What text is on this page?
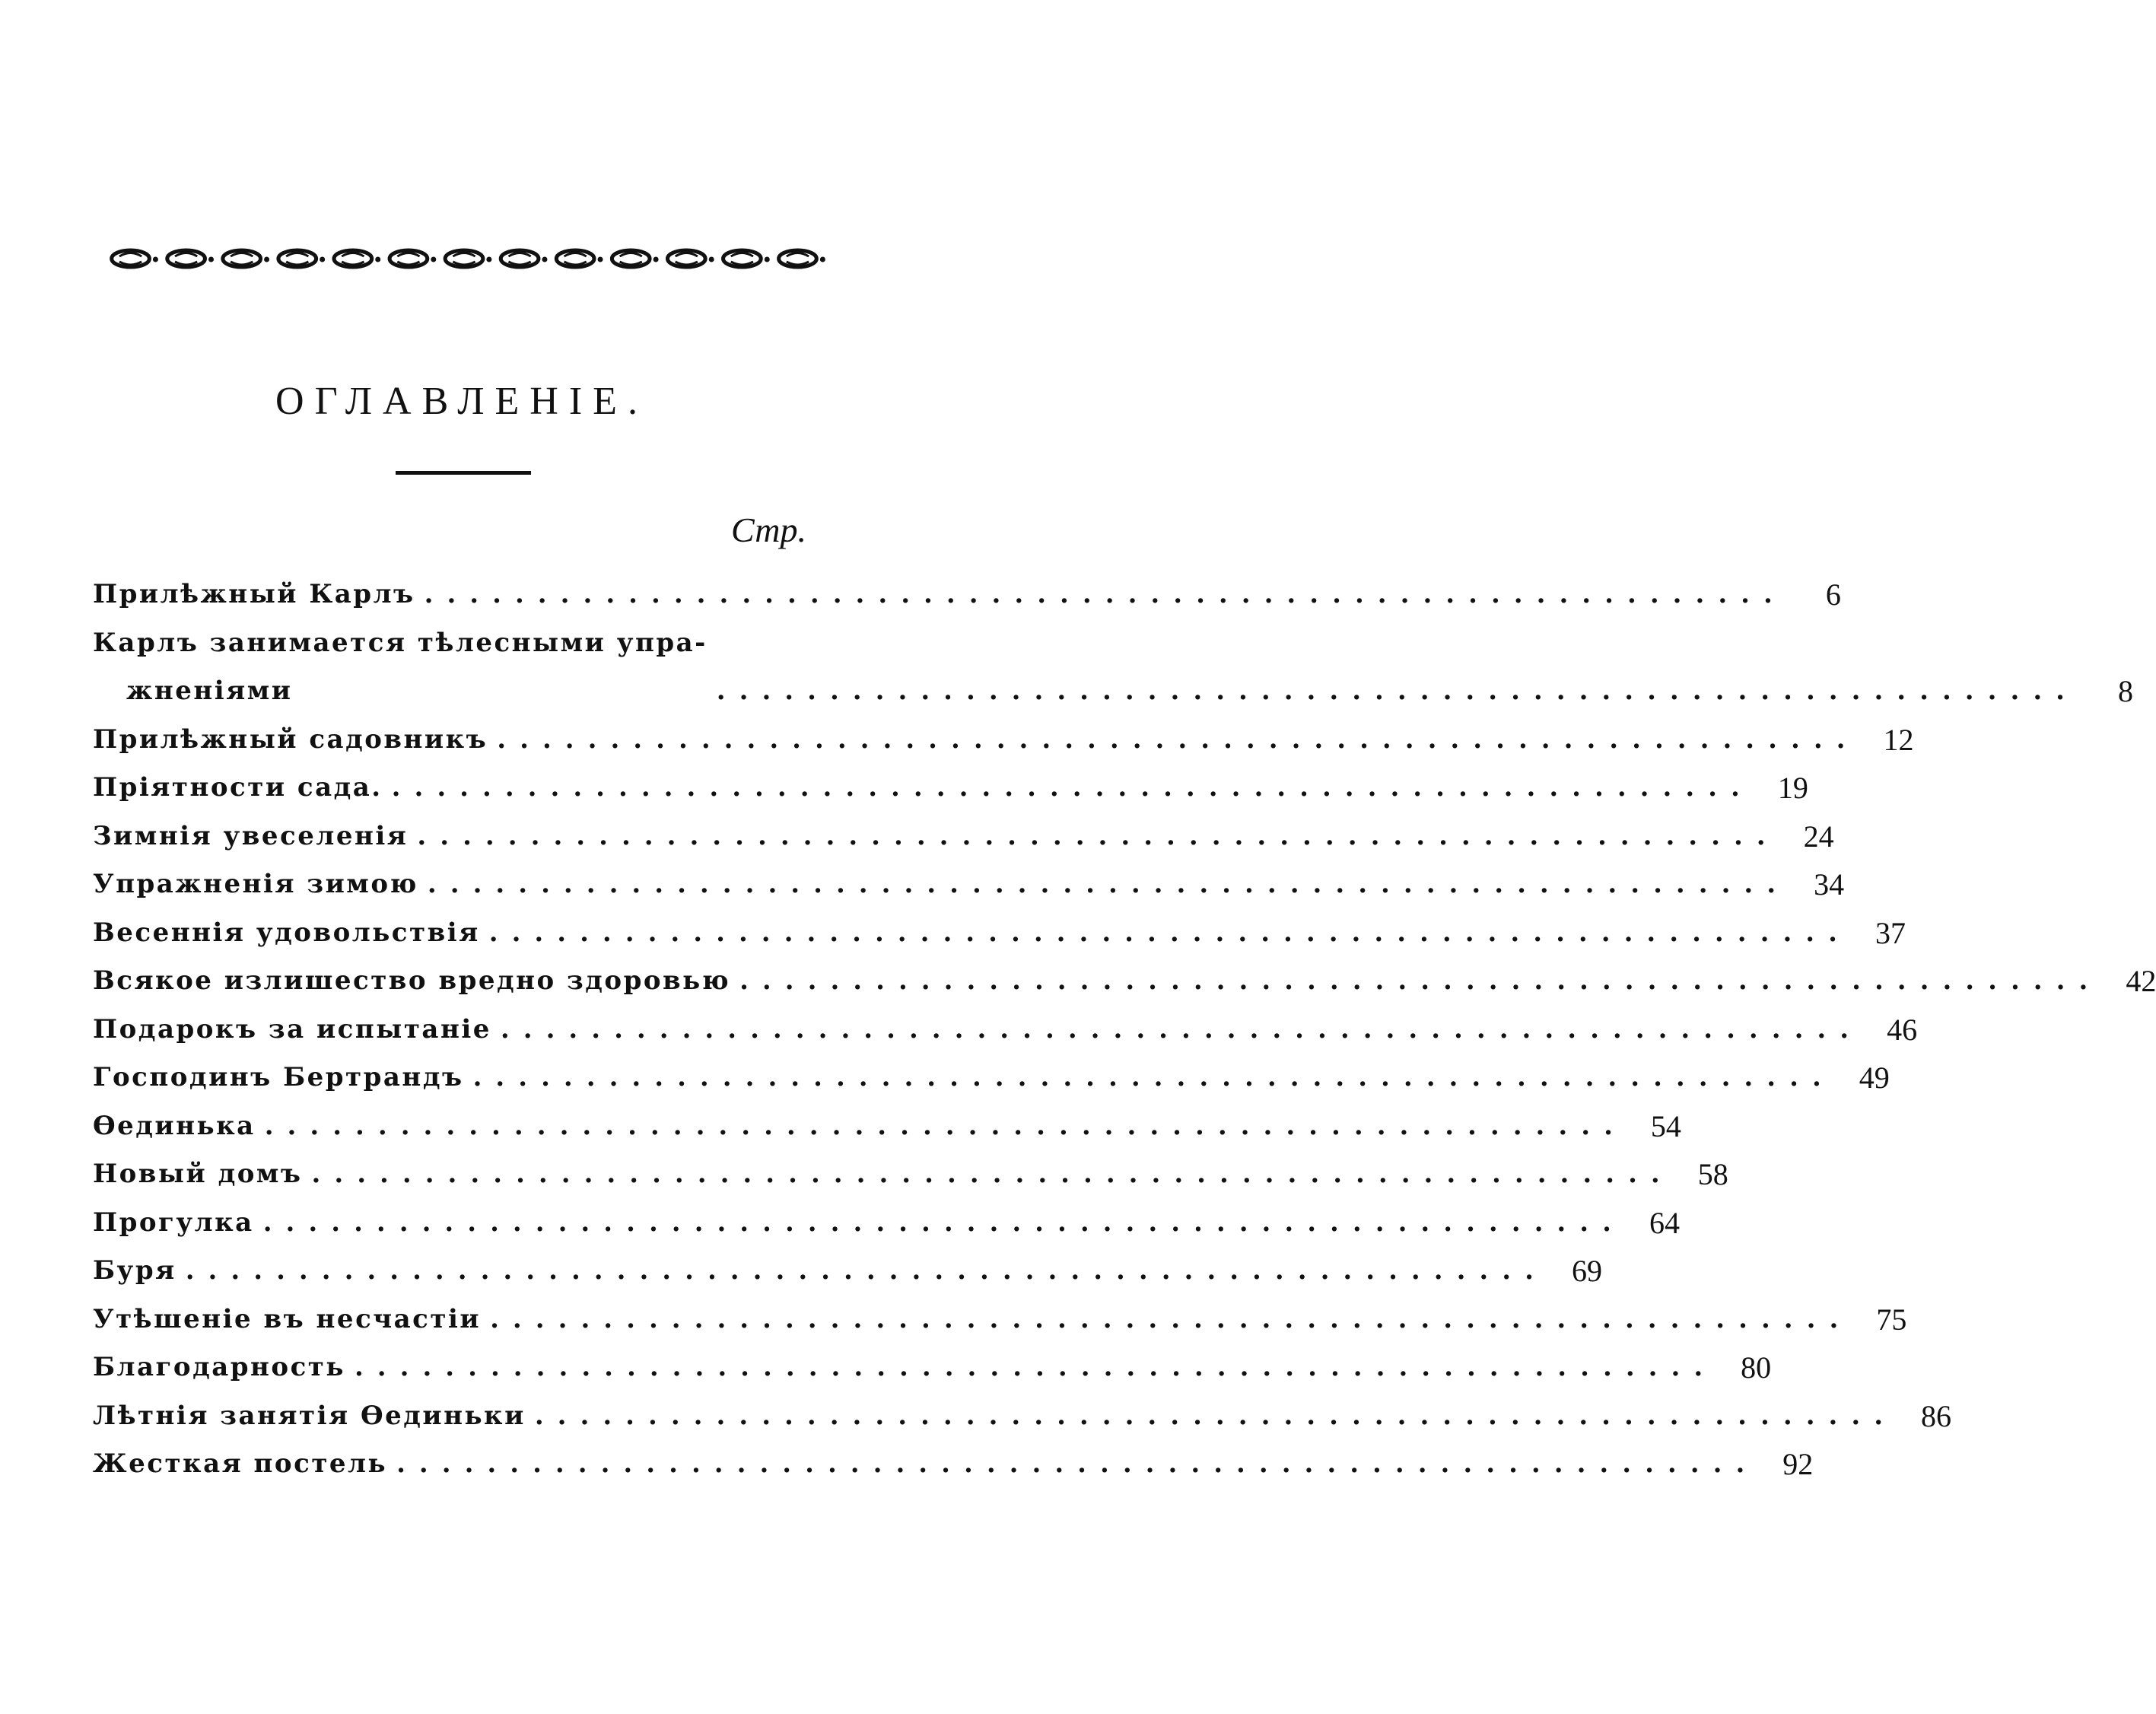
ОГЛАВЛЕНІЕ.
Стр.
Прилѣжный Карлъ ............................................................	6
Карлъ занимается тѣлесными упра-
жненіями	............................................................	8
Прилѣжный садовникъ ............................................................ 12
Пріятности сада. ............................................................ 19
Зимнія увеселенія ............................................................ 24
Упражненія зимою ............................................................ 34
Весеннія удовольствія ............................................................ 37
Всякое излишество вредно здоровью ............................................................ 42
Подарокъ за испытаніе ............................................................ 46
Господинъ Бертрандъ ............................................................ 49
Ѳединька ............................................................ 54
Новый домъ ............................................................ 58
Прогулка ............................................................ 64
Буря ............................................................ 69
Утѣшеніе въ несчастіи ............................................................ 75
Благодарность ............................................................ 80
Лѣтнія занятія Ѳединьки ............................................................ 86
Жесткая постель ............................................................ 92
